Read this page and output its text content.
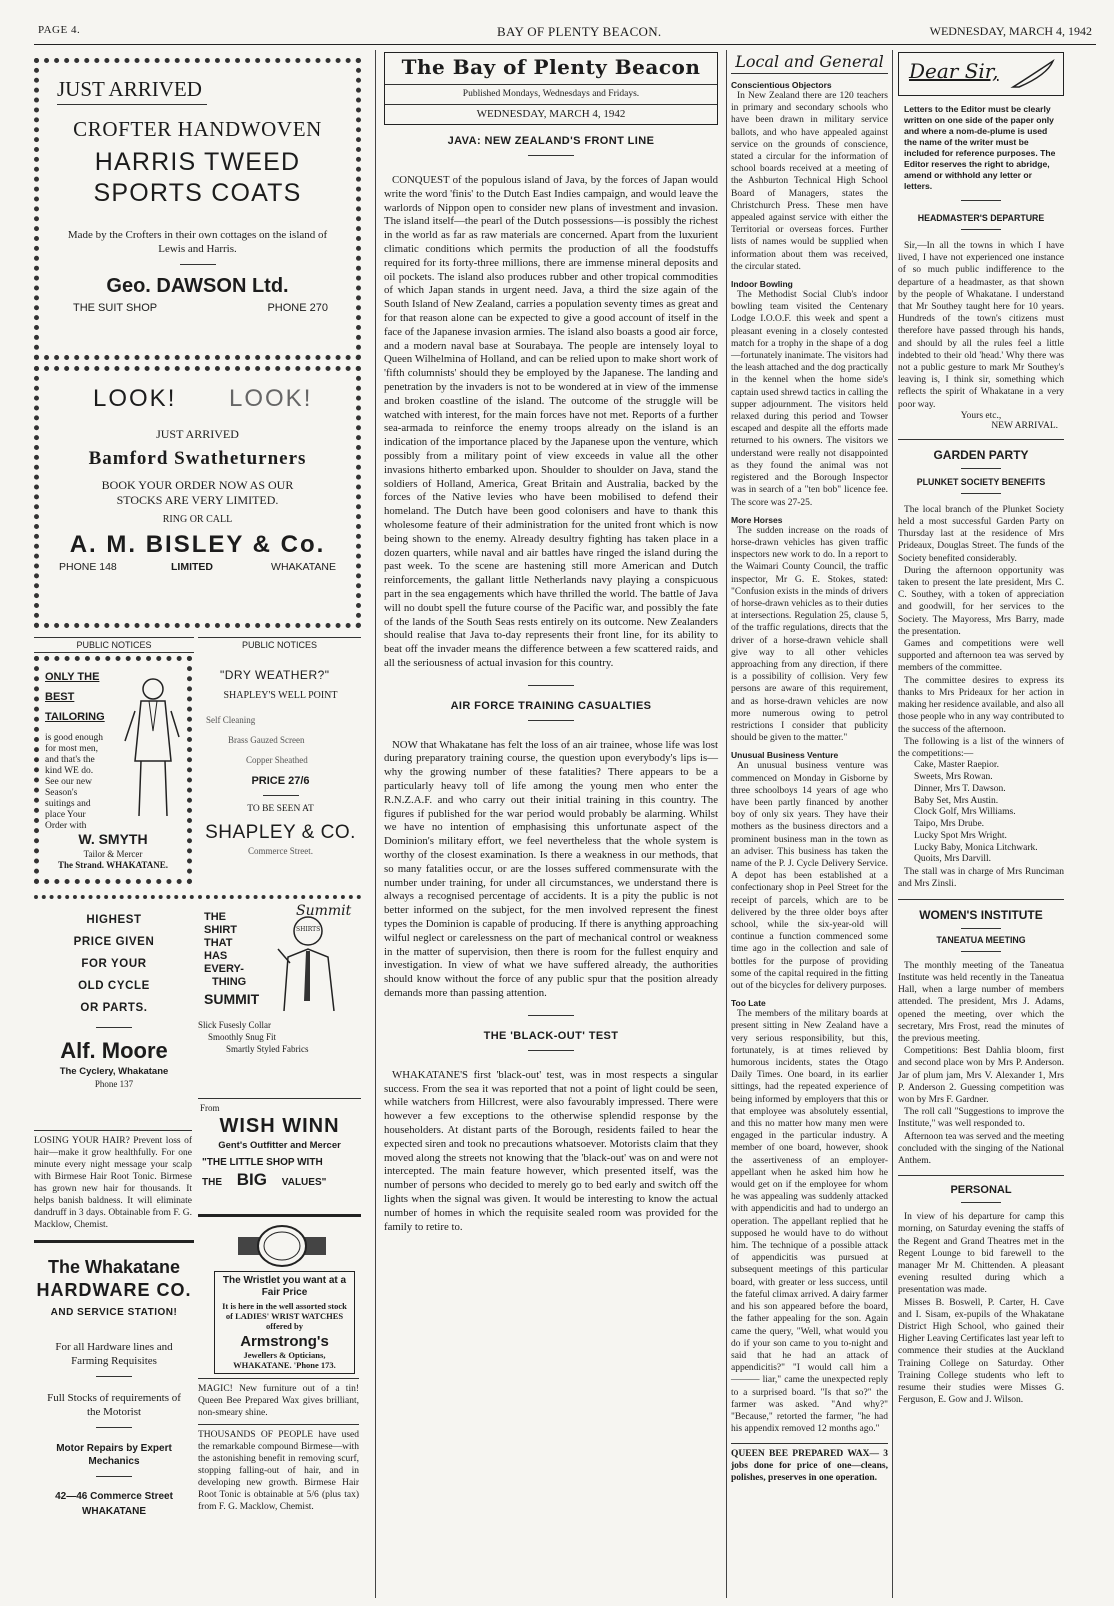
PAGE 4.	BAY OF PLENTY BEACON.	WEDNESDAY, MARCH 4, 1942
JUST ARRIVED
CROFTER HANDWOVEN
HARRIS TWEED
SPORTS COATS
Made by the Crofters in their own cottages on the island of Lewis and Harris.
Geo. DAWSON Ltd.
THE SUIT SHOP	PHONE 270
LOOK! LOOK!
JUST ARRIVED
Bamford Swatheturners
BOOK YOUR ORDER NOW AS OUR STOCKS ARE VERY LIMITED.
RING OR CALL
A. M. BISLEY & Co.
PHONE 148	LIMITED	WHAKATANE
PUBLIC NOTICES
ONLY THE BEST TAILORING
is good enough for most men, and that's the kind WE do. See our new Season's suitings and place Your Order with
W. SMYTH
Tailor & Mercer
The Strand. WHAKATANE.
PUBLIC NOTICES
"DRY WEATHER?"
SHAPLEY'S WELL POINT
Self Cleaning
Brass Gauzed Screen
Copper Sheathed
PRICE 27/6
TO BE SEEN AT
SHAPLEY & CO.
Commerce Street.
HIGHEST
PRICE GIVEN
FOR YOUR
OLD CYCLE
OR PARTS.
Alf. Moore
The Cyclery, Whakatane
Phone 137
THE
SHIRT
THAT
HAS
EVERY-
THING
SUMMIT
Summit SHIRTS
Slick Fusesly Collar
Smoothly Snug Fit
Smartly Styled Fabrics
LOSING YOUR HAIR? Prevent loss of hair—make it grow healthfully. For one minute every night message your scalp with Birmese Hair Root Tonic. Birmese has grown new hair for thousands. It helps banish baldness. It will eliminate dandruff in 3 days. Obtainable from F. G. Macklow, Chemist.
From
WISH WINN
Gent's Outfitter and Mercer
"THE LITTLE SHOP WITH
THE BIG VALUES"
The Whakatane
HARDWARE CO.
AND SERVICE STATION!
For all Hardware lines and Farming Requisites
Full Stocks of requirements of the Motorist
Motor Repairs by Expert Mechanics
42—46 Commerce Street
WHAKATANE
The Wristlet you want at a Fair Price
It is here in the well assorted stock of LADIES' WRIST WATCHES offered by
Armstrong's
Jewellers & Opticians,
WHAKATANE. 'Phone 173.
MAGIC! New furniture out of a tin! Queen Bee Prepared Wax gives brilliant, non-smeary shine.
THOUSANDS OF PEOPLE have used the remarkable compound Birmese—with the astonishing benefit in removing scurf, stopping falling-out of hair, and in developing new growth. Birmese Hair Root Tonic is obtainable at 5/6 (plus tax) from F. G. Macklow, Chemist.
The Bay of Plenty Beacon
Published Mondays, Wednesdays and Fridays.
WEDNESDAY, MARCH 4, 1942
JAVA: NEW ZEALAND'S FRONT LINE
CONQUEST of the populous island of Java, by the forces of Japan would write the word 'finis' to the Dutch East Indies campaign, and would leave the warlords of Nippon open to consider new plans of investment and invasion. The island itself—the pearl of the Dutch possessions—is possibly the richest in the world as far as raw materials are concerned. Apart from the luxurient climatic conditions which permits the production of all the foodstuffs required for its forty-three millions, there are immense mineral deposits and oil pockets. The island also produces rubber and other tropical commodities of which Japan stands in urgent need. Java, a third the size again of the South Island of New Zealand, carries a population seventy times as great and for that reason alone can be expected to give a good account of itself in the face of the Japanese invasion armies. The island also boasts a good air force, and a modern naval base at Sourabaya. The people are intensely loyal to Queen Wilhelmina of Holland, and can be relied upon to make short work of 'fifth columnists' should they be employed by the Japanese. The landing and penetration by the invaders is not to be wondered at in view of the immense and broken coastline of the island. The outcome of the struggle will be watched with interest, for the main forces have not met. Reports of a further sea-armada to reinforce the enemy troops already on the island is an indication of the importance placed by the Japanese upon the venture, which possibly from a military point of view exceeds in value all the other invasions hitherto embarked upon. Shoulder to shoulder on Java, stand the soldiers of Holland, America, Great Britain and Australia, backed by the forces of the Native levies who have been mobilised to defend their homeland. The Dutch have been good colonisers and have to thank this wholesome feature of their administration for the united front which is now being shown to the enemy. Already desultry fighting has taken place in a dozen quarters, while naval and air battles have ringed the island during the past week. To the scene are hastening still more American and Dutch reinforcements, the gallant little Netherlands navy playing a conspicuous part in the sea engagements which have thrilled the world. The battle of Java will no doubt spell the future course of the Pacific war, and possibly the fate of the lands of the South Seas rests entirely on its outcome. New Zealanders should realise that Java to-day represents their front line, for its ability to beat off the invader means the difference between a few scattered raids, and all the seriousness of actual invasion for this country.
AIR FORCE TRAINING CASUALTIES
NOW that Whakatane has felt the loss of an air trainee, whose life was lost during preparatory training course, the question upon everybody's lips is—why the growing number of these fatalities? There appears to be a particularly heavy toll of life among the young men who enter the R.N.Z.A.F. and who carry out their initial training in this country. The figures if published for the war period would probably be alarming. Whilst we have no intention of emphasising this unfortunate aspect of the Dominion's military effort, we feel nevertheless that the whole system is worthy of the closest examination. Is there a weakness in our methods, that so many fatalities occur, or are the losses suffered commensurate with the number under training, for under all circumstances, we understand there is always a recognised percentage of accidents. It is a pity the public is not better informed on the subject, for the men involved represent the finest types the Dominion is capable of producing. If there is anything approaching wilful neglect or carelessness on the part of mechanical control or weakness in the matter of supervision, then there is room for the fullest enquiry and investigation. In view of what we have suffered already, the authorities should know without the force of any public spur that the position already demands more than passing attention.
THE 'BLACK-OUT' TEST
WHAKATANE'S first 'black-out' test, was in most respects a singular success. From the sea it was reported that not a point of light could be seen, while watchers from Hillcrest, were also favourably impressed. There were however a few exceptions to the otherwise splendid response by the householders. At distant parts of the Borough, residents failed to hear the expected siren and took no precautions whatsoever. Motorists claim that they moved along the streets not knowing that the 'black-out' was on and were not intercepted. The main feature however, which presented itself, was the number of persons who decided to merely go to bed early and switch off the lights when the signal was given. It would be interesting to know the actual number of homes in which the requisite sealed room was provided for the family to retire to.
Local and General
Conscientious Objectors
In New Zealand there are 120 teachers in primary and secondary schools who have been drawn in military service ballots, and who have appealed against service on the grounds of conscience, stated a circular for the information of school boards received at a meeting of the Ashburton Technical High School Board of Managers, states the Christchurch Press. These men have appealed against service with either the Territorial or overseas forces. Further lists of names would be supplied when information about them was received, the circular stated.
Indoor Bowling
The Methodist Social Club's indoor bowling team visited the Centenary Lodge I.O.O.F. this week and spent a pleasant evening in a closely contested match for a trophy in the shape of a dog—fortunately inanimate. The visitors had the leash attached and the dog practically in the kennel when the home side's captain used shrewd tactics in calling the supper adjournment. The visitors held relaxed during this period and Towser escaped and despite all the efforts made returned to his owners. The visitors we understand were really not disappointed as they found the animal was not registered and the Borough Inspector was in search of a "ten bob" licence fee. The score was 27-25.
More Horses
The sudden increase on the roads of horse-drawn vehicles has given traffic inspectors new work to do. In a report to the Waimari County Council, the traffic inspector, Mr G. E. Stokes, stated: "Confusion exists in the minds of drivers of horse-drawn vehicles as to their duties at intersections. Regulation 25, clause 5, of the traffic regulations, directs that the driver of a horse-drawn vehicle shall give way to all other vehicles approaching from any direction, if there is a possibility of collision. Very few persons are aware of this requirement, and as horse-drawn vehicles are now more numerous owing to petrol restrictions I consider that publicity should be given to the matter."
Unusual Business Venture
An unusual business venture was commenced on Monday in Gisborne by three schoolboys 14 years of age who have been partly financed by another boy of only six years. They have their mothers as the business directors and a prominent business man in the town as an adviser. This business has taken the name of the P. J. Cycle Delivery Service. A depot has been established at a confectionary shop in Peel Street for the receipt of parcels, which are to be delivered by the three older boys after school, while the six-year-old will continue a function commenced some time ago in the collection and sale of bottles for the purpose of providing some of the capital required in the fitting out of the bicycles for delivery purposes.
Too Late
The members of the military boards at present sitting in New Zealand have a very serious responsibility, but this, fortunately, is at times relieved by humorous incidents, states the Otago Daily Times. One board, in its earlier sittings, had the repeated experience of being informed by employers that this or that employee was absolutely essential, and this no matter how many men were engaged in the particular industry. A member of one board, however, shook the assertiveness of an employer-appellant when he asked him how he would get on if the employee for whom he was appealing was suddenly attacked with appendicitis and had to undergo an operation. The appellant replied that he supposed he would have to do without him. The technique of a possible attack of appendicitis was pursued at subsequent meetings of this particular board, with greater or less success, until the fateful climax arrived. A dairy farmer and his son appeared before the board, the father appealing for the son. Again came the query, "Well, what would you do if your son came to you to-night and said that he had an attack of appendicitis?" "I would call him a ——— liar," came the unexpected reply to a surprised board. "Is that so?" the farmer was asked. "And why?" "Because," retorted the farmer, "he had his appendix removed 12 months ago."
QUEEN BEE PREPARED WAX— 3 jobs done for price of one—cleans, polishes, preserves in one operation.
Dear Sir,
Letters to the Editor must be clearly written on one side of the paper only and where a nom-de-plume is used the name of the writer must be included for reference purposes. The Editor reserves the right to abridge, amend or withhold any letter or letters.
HEADMASTER'S DEPARTURE
Sir,—In all the towns in which I have lived, I have not experienced one instance of so much public indifference to the departure of a headmaster, as that shown by the people of Whakatane. I understand that Mr Southey taught here for 10 years. Hundreds of the town's citizens must therefore have passed through his hands, and should by all the rules feel a little indebted to their old 'head.' Why there was not a public gesture to mark Mr Southey's leaving is, I think sir, something which reflects the spirit of Whakatane in a very poor way.
Yours etc.,
NEW ARRIVAL.
GARDEN PARTY
PLUNKET SOCIETY BENEFITS
The local branch of the Plunket Society held a most successful Garden Party on Thursday last at the residence of Mrs Prideaux, Douglas Street. The funds of the Society benefited considerably.
During the afternoon opportunity was taken to present the late president, Mrs C. C. Southey, with a token of appreciation and goodwill, for her services to the Society. The Mayoress, Mrs Barry, made the presentation.
Games and competitions were well supported and afternoon tea was served by members of the committee.
The committee desires to express its thanks to Mrs Prideaux for her action in making her residence available, and also all those people who in any way contributed to the success of the afternoon.
The following is a list of the winners of the competitions:—
Cake, Master Raepior.
Sweets, Mrs Rowan.
Dinner, Mrs T. Dawson.
Baby Set, Mrs Austin.
Clock Golf, Mrs Williams.
Taipo, Mrs Drube.
Lucky Spot Mrs Wright.
Lucky Baby, Monica Litchwark.
Quoits, Mrs Darvill.
The stall was in charge of Mrs Runciman and Mrs Zinsli.
WOMEN'S INSTITUTE
TANEATUA MEETING
The monthly meeting of the Taneatua Institute was held recently in the Taneatua Hall, when a large number of members attended. The president, Mrs J. Adams, opened the meeting, over which the secretary, Mrs Frost, read the minutes of the previous meeting.
Competitions: Best Dahlia bloom, first and second place won by Mrs P. Anderson. Jar of plum jam, Mrs V. Alexander 1, Mrs P. Anderson 2. Guessing competition was won by Mrs F. Gardner.
The roll call "Suggestions to improve the Institute," was well responded to.
Afternoon tea was served and the meeting concluded with the singing of the National Anthem.
PERSONAL
In view of his departure for camp this morning, on Saturday evening the staffs of the Regent and Grand Theatres met in the Regent Lounge to bid farewell to the manager Mr M. Chittenden. A pleasant evening resulted during which a presentation was made.
Misses B. Boswell, P. Carter, H. Cave and I. Sisam, ex-pupils of the Whakatane District High School, who gained their Higher Leaving Certificates last year left to commence their studies at the Auckland Training College on Saturday. Other Training College students who left to resume their studies were Misses G. Ferguson, E. Gow and J. Wilson.
